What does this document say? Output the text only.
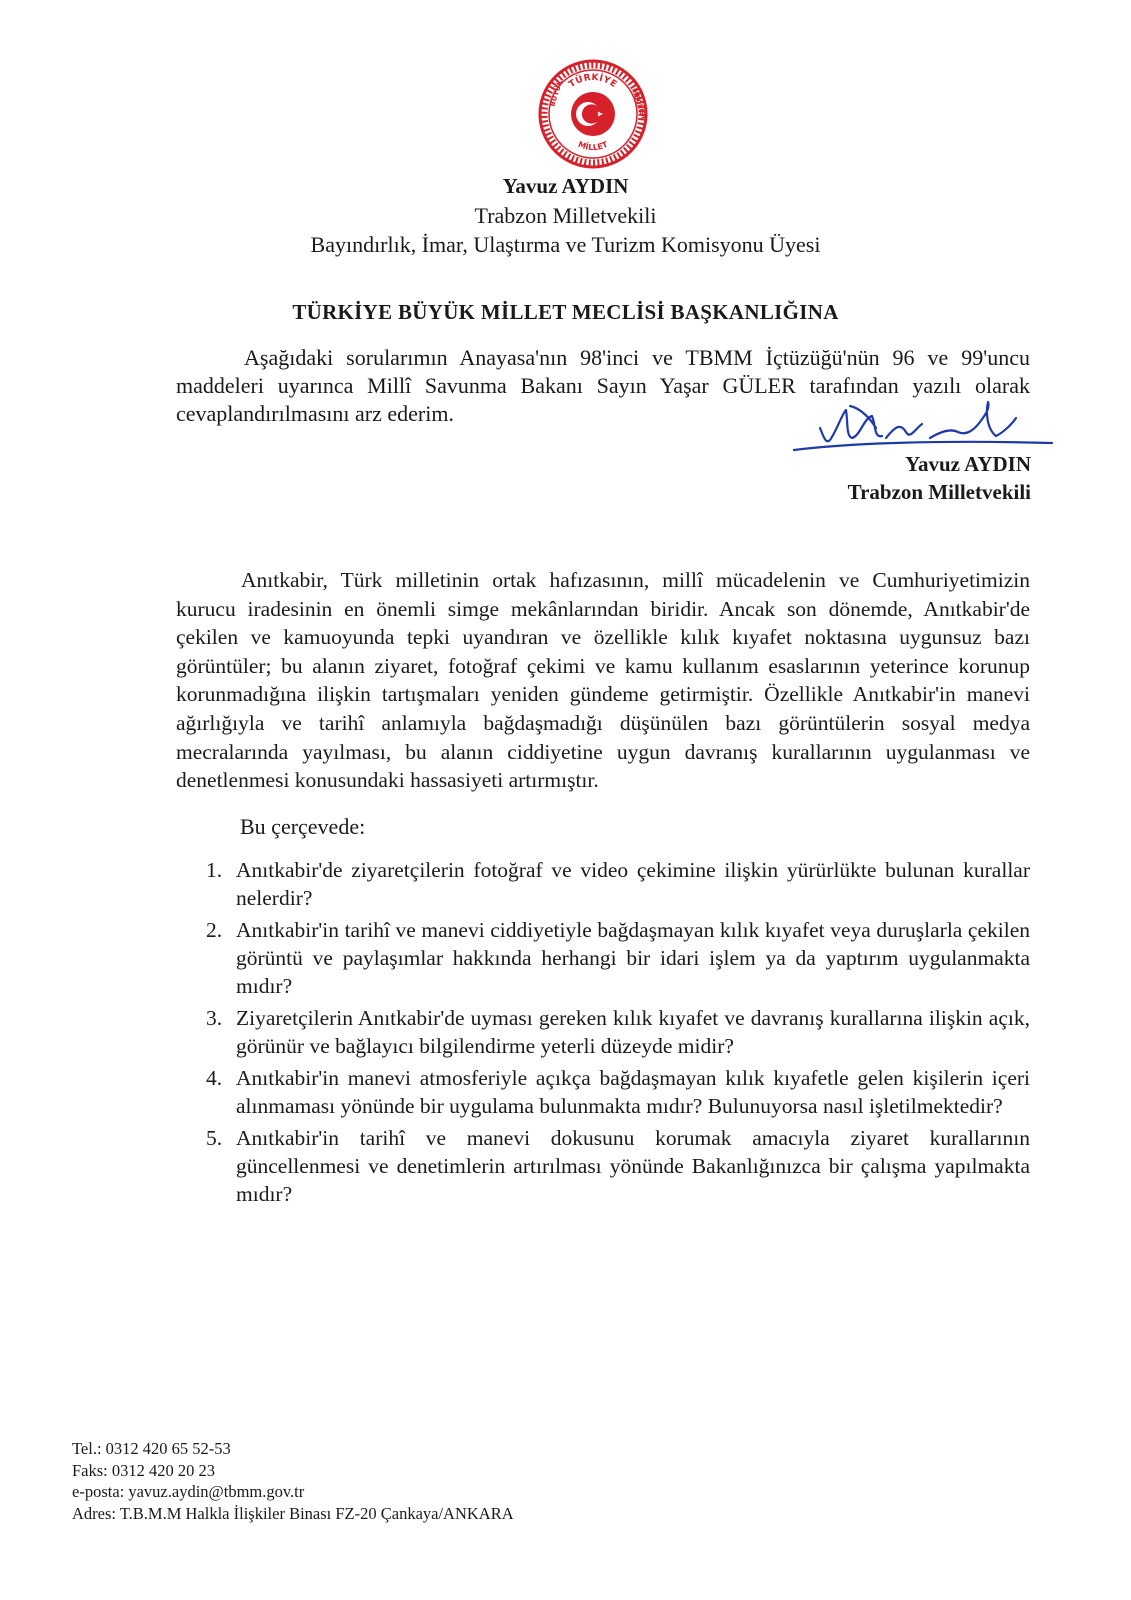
TÜRKİYE
BÜYÜK	MECLİSİ
MİLLET
Yavuz AYDIN
Trabzon Milletvekili
Bayındırlık, İmar, Ulaştırma ve Turizm Komisyonu Üyesi
TÜRKİYE BÜYÜK MİLLET MECLİSİ BAŞKANLIĞINA

Aşağıdaki sorularımın Anayasa'nın 98'inci ve TBMM İçtüzüğü'nün 96 ve 99'uncu maddeleri uyarınca Millî Savunma Bakanı Sayın Yaşar GÜLER tarafından yazılı olarak cevaplandırılmasını arz ederim.

Yavuz AYDIN
Trabzon Milletvekili

Anıtkabir, Türk milletinin ortak hafızasının, millî mücadelenin ve Cumhuriyetimizin kurucu iradesinin en önemli simge mekânlarından biridir. Ancak son dönemde, Anıtkabir'de çekilen ve kamuoyunda tepki uyandıran ve özellikle kılık kıyafet noktasına uygunsuz bazı görüntüler; bu alanın ziyaret, fotoğraf çekimi ve kamu kullanım esaslarının yeterince korunup korunmadığına ilişkin tartışmaları yeniden gündeme getirmiştir. Özellikle Anıtkabir'in manevi ağırlığıyla ve tarihî anlamıyla bağdaşmadığı düşünülen bazı görüntülerin sosyal medya mecralarında yayılması, bu alanın ciddiyetine uygun davranış kurallarının uygulanması ve denetlenmesi konusundaki hassasiyeti artırmıştır.

Bu çerçevede:

1. Anıtkabir'de ziyaretçilerin fotoğraf ve video çekimine ilişkin yürürlükte bulunan kurallar nelerdir?
2. Anıtkabir'in tarihî ve manevi ciddiyetiyle bağdaşmayan kılık kıyafet veya duruşlarla çekilen görüntü ve paylaşımlar hakkında herhangi bir idari işlem ya da yaptırım uygulanmakta mıdır?
3. Ziyaretçilerin Anıtkabir'de uyması gereken kılık kıyafet ve davranış kurallarına ilişkin açık, görünür ve bağlayıcı bilgilendirme yeterli düzeyde midir?
4. Anıtkabir'in manevi atmosferiyle açıkça bağdaşmayan kılık kıyafetle gelen kişilerin içeri alınmaması yönünde bir uygulama bulunmakta mıdır? Bulunuyorsa nasıl işletilmektedir?
5. Anıtkabir'in tarihî ve manevi dokusunu korumak amacıyla ziyaret kurallarının güncellenmesi ve denetimlerin artırılması yönünde Bakanlığınızca bir çalışma yapılmakta mıdır?
Tel.: 0312 420 65 52-53
Faks: 0312 420 20 23
e-posta: yavuz.aydin@tbmm.gov.tr
Adres: T.B.M.M Halkla İlişkiler Binası FZ-20 Çankaya/ANKARA
